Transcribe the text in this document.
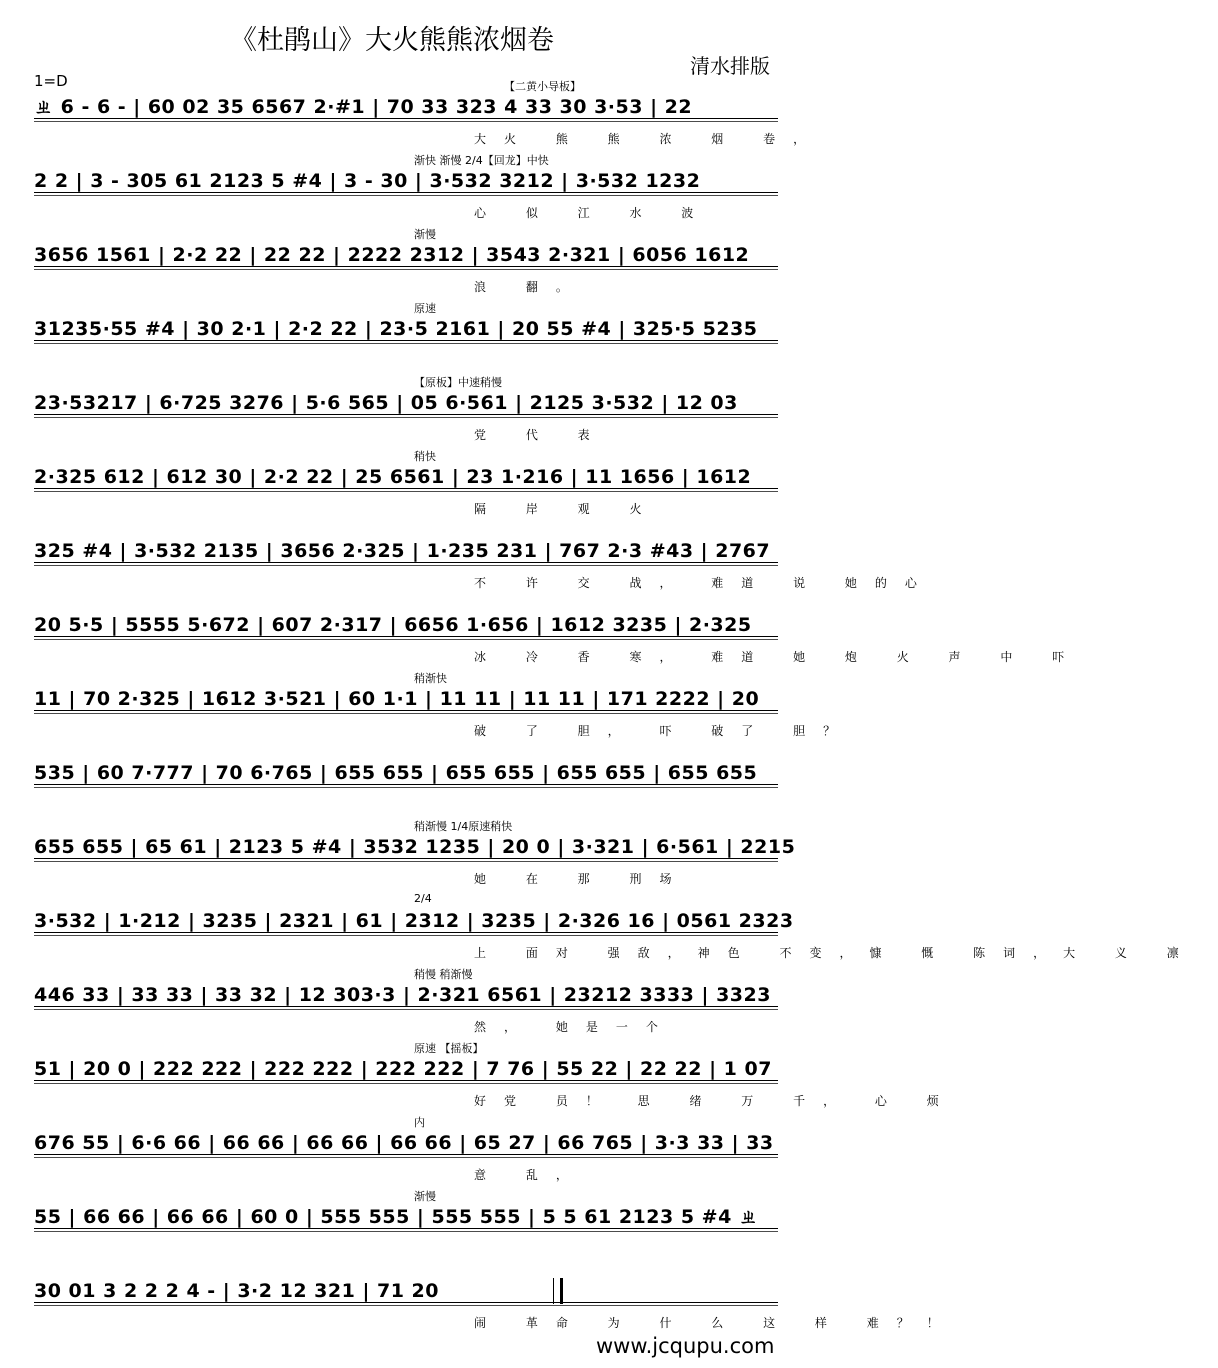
《杜鹃山》大火熊熊浓烟卷
清水排版
1=D	【二黄小导板】
ㄓ 6 - 6 - | 60 02 35 6567 2·#1 | 70 33 323 4 33 30 3·53 | 22
大火 熊 熊 浓 烟 卷，
渐快 渐慢 2/4【回龙】中快
2 2 | 3 - 305 61 2123 5 #4 | 3 - 30 | 3·532 3212 | 3·532 1232
心 似 江 水 波
渐慢
3656 1561 | 2·2 22 | 22 22 | 2222 2312 | 3543 2·321 | 6056 1612
浪 翻。
原速
31235·55 #4 | 30 2·1 | 2·2 22 | 23·5 2161 | 20 55 #4 | 325·5 5235
【原板】中速稍慢
23·53217 | 6·725 3276 | 5·6 565 | 05 6·561 | 2125 3·532 | 12 03
党 代 表
稍快
2·325 612 | 612 30 | 2·2 22 | 25 6561 | 23 1·216 | 11 1656 | 1612
隔 岸 观 火
325 #4 | 3·532 2135 | 3656 2·325 | 1·235 231 | 767 2·3 #43 | 2767
不 许 交 战， 难道 说 她的心
20 5·5 | 5555 5·672 | 607 2·317 | 6656 1·656 | 1612 3235 | 2·325
冰 冷 香 寒， 难道 她 炮 火 声 中 吓
稍渐快
11 | 70 2·325 | 1612 3·521 | 60 1·1 | 11 11 | 11 11 | 171 2222 | 20
破 了 胆， 吓 破了 胆？
535 | 60 7·777 | 70 6·765 | 655 655 | 655 655 | 655 655 | 655 655
稍渐慢 1/4原速稍快
655 655 | 65 61 | 2123 5 #4 | 3532 1235 | 20 0 | 3·321 | 6·561 | 2215
她 在 那 刑场
2/4
3·532 | 1·212 | 3235 | 2321 | 61 | 2312 | 3235 | 2·326 16 | 0561 2323
上 面对 强敌，神色 不变，慷 慨 陈词，大 义 凛
稍慢 稍渐慢
446 33 | 33 33 | 33 32 | 12 303·3 | 2·321 6561 | 23212 3333 | 3323
然， 她是一个
原速 【摇板】
51 | 20 0 | 222 222 | 222 222 | 222 222 | 7 76 | 55 22 | 22 22 | 1 07
好党 员！ 思 绪 万 千， 心 烦
内
676 55 | 6·6 66 | 66 66 | 66 66 | 66 66 | 65 27 | 66 765 | 3·3 33 | 33
意 乱，
渐慢
55 | 66 66 | 66 66 | 60 0 | 555 555 | 555 555 | 5 5 61 2123 5 #4 ㄓ
30 01 3 2 2 2 4 - | 3·2 12 321 | 71 20
闹 革命 为 什 么 这 样 难？！
www.jcqupu.com
